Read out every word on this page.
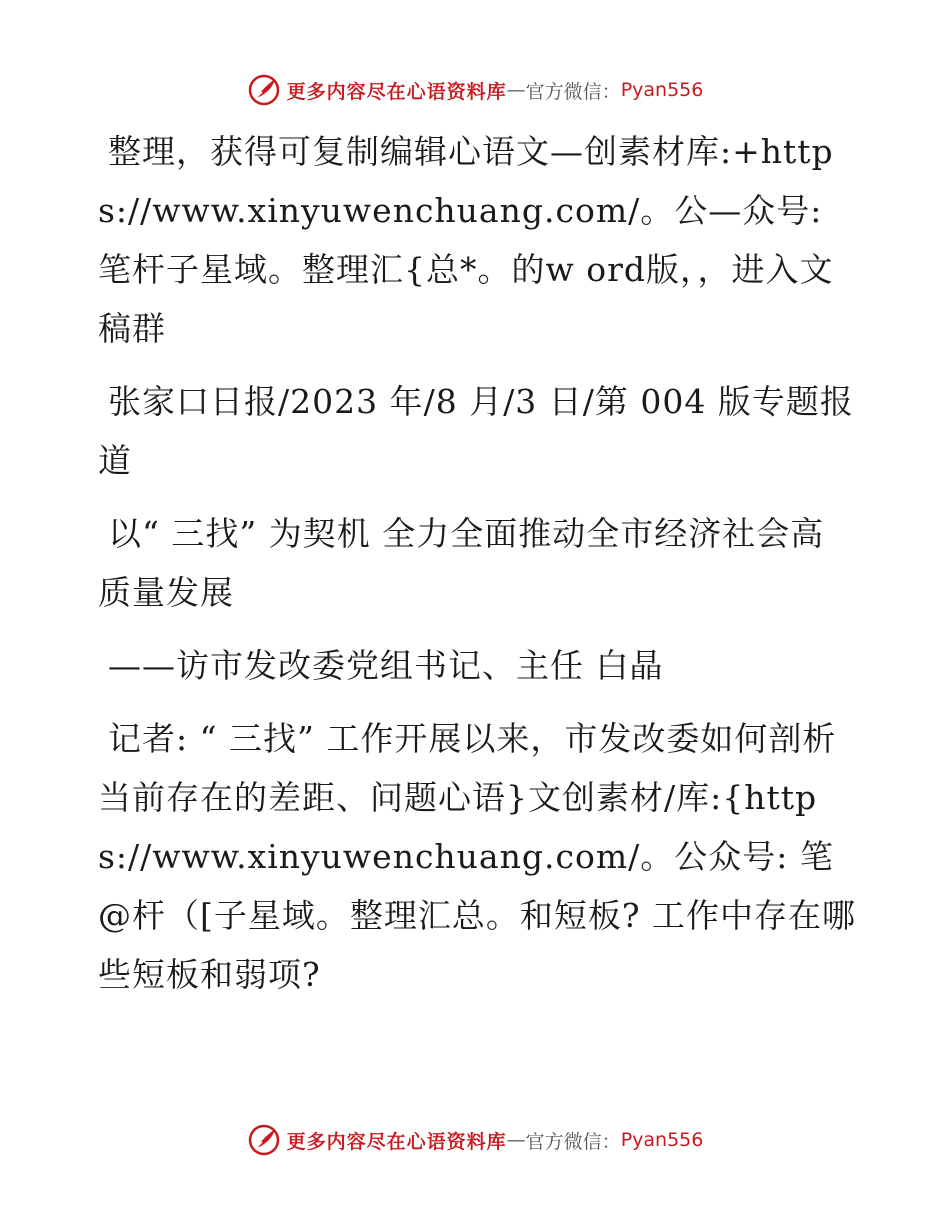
更多内容尽在心语资料库 — 官方微信： Pyan556

整理，获得可复制编辑心语文—创素材库:+https://www.xinyuwenchuang.com/。公—众号: 笔杆子星域。整理汇{总*。的w ord版，，进入文稿群

张家口日报/2023 年/8 月/3 日/第 004 版专题报道

以“ 三找” 为契机 全力全面推动全市经济社会高质量发展

——访市发改委党组书记、主任 白晶

记者: “ 三找” 工作开展以来，市发改委如何剖析当前存在的差距、问题心语}文创素材/库:{https://www.xinyuwenchuang.com/。公众号: 笔@杆（[子星域。整理汇总。和短板? 工作中存在哪些短板和弱项?

更多内容尽在心语资料库 — 官方微信： Pyan556
